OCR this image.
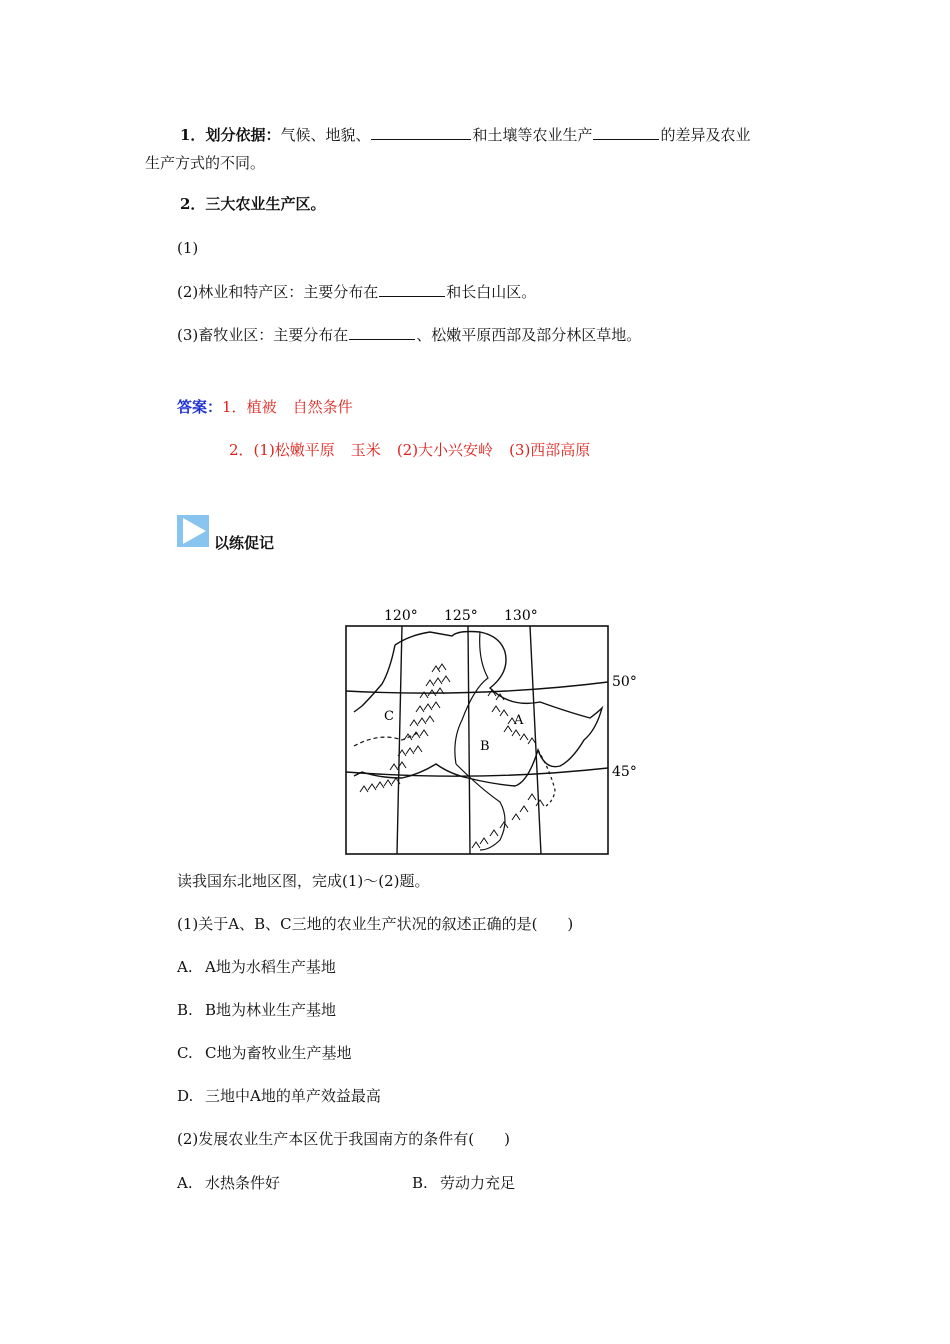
1．划分依据：气候、地貌、	和土壤等农业生产	的差异及农业
生产方式的不同。
2．三大农业生产区。
(1)
(2)林业和特产区：主要分布在	和长白山区。
(3)畜牧业区：主要分布在	、松嫩平原西部及部分林区草地。
答案：1．植被 自然条件
2．(1)松嫩平原 玉米 (2)大小兴安岭 (3)西部高原
以练促记
120° 125° 130°
50°
45°
A
B
C
读我国东北地区图，完成(1)～(2)题。
(1)关于A、B、C三地的农业生产状况的叙述正确的是(　　)
A. A地为水稻生产基地
B. B地为林业生产基地
C. C地为畜牧业生产基地
D. 三地中A地的单产效益最高
(2)发展农业生产本区优于我国南方的条件有(　　)
A. 水热条件好	B. 劳动力充足
